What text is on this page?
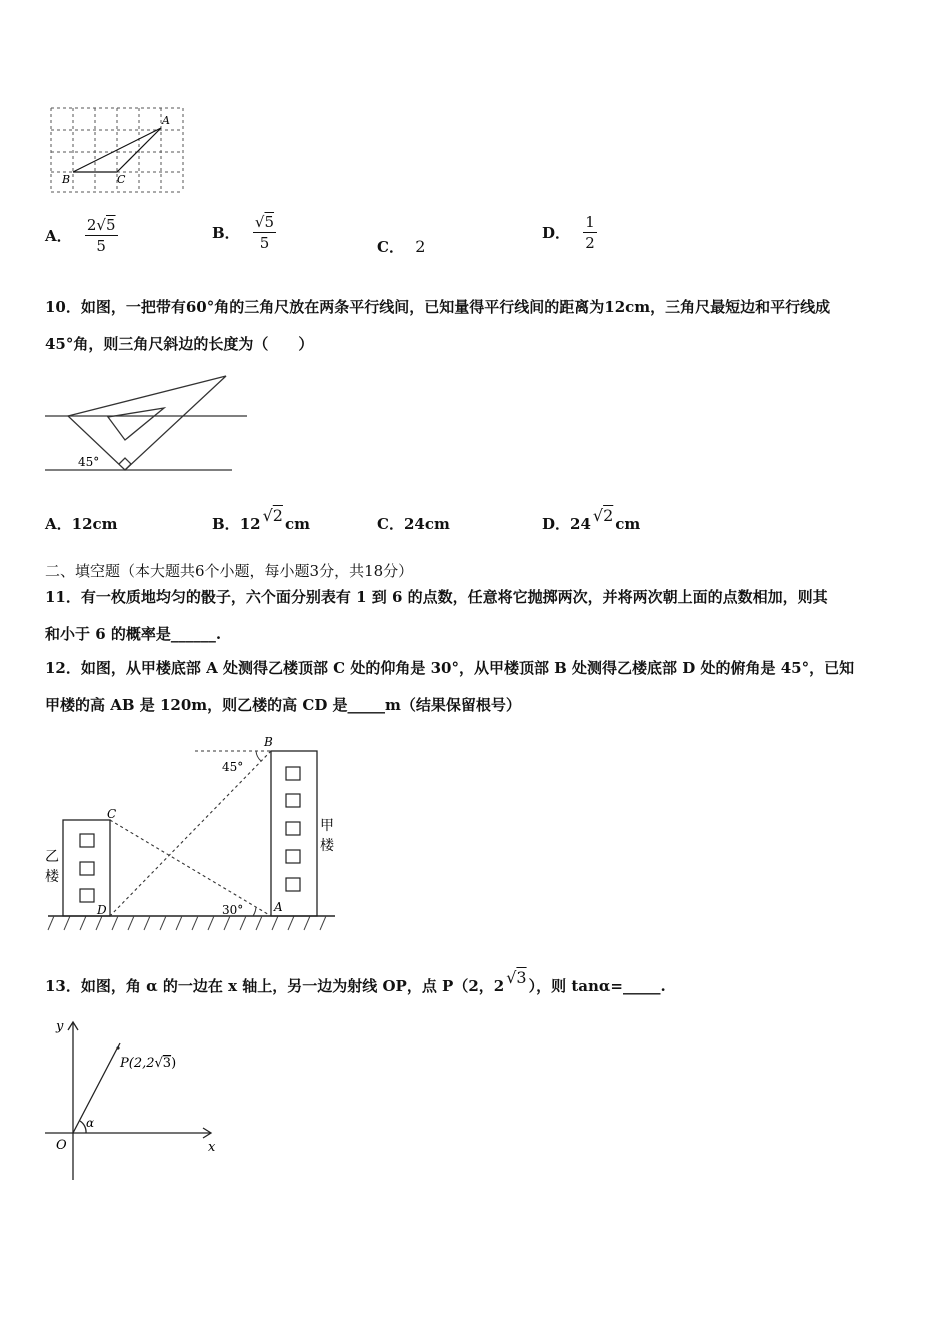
A
B	C
A． $\frac{2√5}{5}$	B． $\frac{√5}{5}$	C． 2
D． $\frac{1}{2}$
10．如图，一把带有60°角的三角尺放在两条平行线间，已知量得平行线间的距离为12cm，三角尺最短边和平行线成
45°角，则三角尺斜边的长度为（　　）
45°
A．12cm	B．12 √2 cm	C．24cm	D．24 √2 cm
二、填空题（本大题共6个小题，每小题3分，共18分）
11．有一枚质地均匀的骰子，六个面分别表有 1 到 6 的点数，任意将它抛掷两次，并将两次朝上面的点数相加，则其
和小于 6 的概率是______.
12．如图，从甲楼底部 A 处测得乙楼顶部 C 处的仰角是 30°，从甲楼顶部 B 处测得乙楼底部 D 处的俯角是 45°，已知
甲楼的高 AB 是 120m，则乙楼的高 CD 是_____m（结果保留根号）
B
C
D	A
45°
30°
甲
楼
乙
楼
13．如图，角 α 的一边在 x 轴上，另一边为射线 OP，点 P（2，2 √3 ），则 tanα=_____.
y
x
O
α
P(2,2√3)
